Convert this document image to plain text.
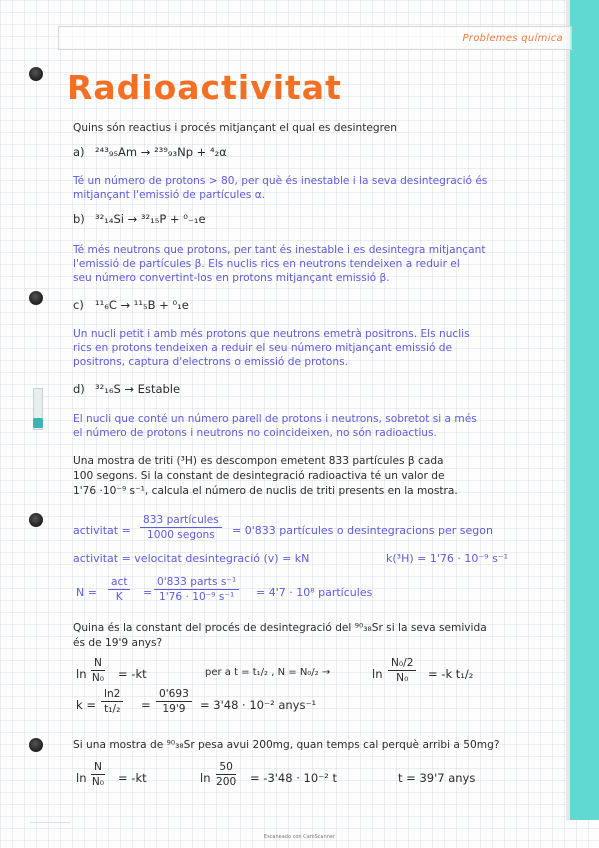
Problemes química
Radioactivitat
Quins són reactius i procés mitjançant el qual es desintegren
a) ²⁴³₉₅Am → ²³⁹₉₃Np + ⁴₂α
Té un número de protons > 80, per què és inestable i la seva desintegració és
mitjançant l'emissió de partícules α.
b) ³²₁₄Si → ³²₁₅P + ⁰₋₁e
Té més neutrons que protons, per tant és inestable i es desintegra mitjançant
l'emissió de partícules β. Els nuclis rics en neutrons tendeixen a reduir el
seu número convertint-los en protons mitjançant emissió β.
c) ¹¹₆C → ¹¹₅B + ⁰₁e
Un nucli petit i amb més protons que neutrons emetrà positrons. Els nuclis
rics en protons tendeixen a reduir el seu número mitjançant emissió de
positrons, captura d'electrons o emissió de protons.
d) ³²₁₆S → Estable
El nucli que conté un número parell de protons i neutrons, sobretot si a més
el número de protons i neutrons no coincideixen, no són radioactius.
Una mostra de triti (³H) es descompon emetent 833 partícules β cada
100 segons. Si la constant de desintegració radioactiva té un valor de
1'76 ·10⁻⁹ s⁻¹, calcula el número de nuclis de triti presents en la mostra.
activitat =
833 partícules
1000 segons = 0'833 partícules o desintegracions per segon
activitat = velocitat desintegració (v) = kN	k(³H) = 1'76 · 10⁻⁹ s⁻¹
N =
act
K =
0'833 parts s⁻¹
1'76 · 10⁻⁹ s⁻¹ = 4'7 · 10⁸ partícules
Quina és la constant del procés de desintegració del ⁹⁰₃₈Sr si la seva semivida
és de 19'9 anys?
$\ln \frac{N}{\text{N₀}} = -kt$	per a t = t₁/₂ , N = N₀/₂ →	$\ln \frac{\text{N₀/2}}{\text{N₀}} = -k$ t₁/₂
$k = \frac{\ln 2}{\text{t₁/₂}} = \frac{0'693}{19'9} = 3'48 \cdot 10^{-2}$ anys⁻¹
Si una mostra de ⁹⁰₃₈Sr pesa avui 200mg, quan temps cal perquè arribi a 50mg?
$\ln \frac{N}{\text{N₀}} = -kt$	$\ln \frac{50}{200} = -3'48 \cdot 10^{-2}$ t	t = 39'7 anys
Escaneado con CamScanner
